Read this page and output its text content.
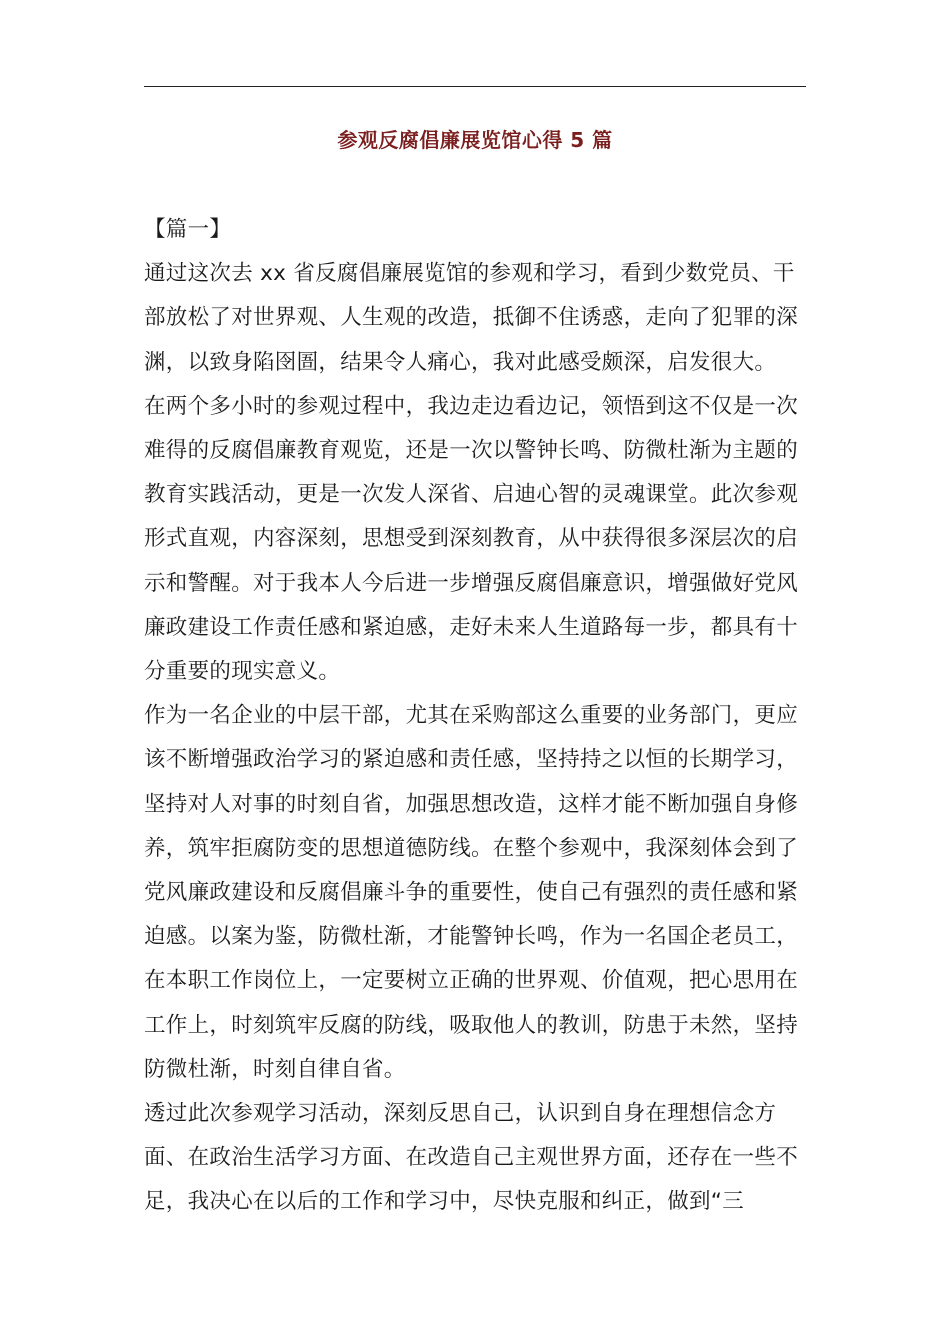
参观反腐倡廉展览馆心得 5 篇

【篇一】

通过这次去 xx 省反腐倡廉展览馆的参观和学习，看到少数党员、干部放松了对世界观、人生观的改造，抵御不住诱惑，走向了犯罪的深渊，以致身陷囹圄，结果令人痛心，我对此感受颇深，启发很大。

在两个多小时的参观过程中，我边走边看边记，领悟到这不仅是一次难得的反腐倡廉教育观览，还是一次以警钟长鸣、防微杜渐为主题的教育实践活动，更是一次发人深省、启迪心智的灵魂课堂。此次参观形式直观，内容深刻，思想受到深刻教育，从中获得很多深层次的启示和警醒。对于我本人今后进一步增强反腐倡廉意识，增强做好党风廉政建设工作责任感和紧迫感，走好未来人生道路每一步，都具有十分重要的现实意义。

作为一名企业的中层干部，尤其在采购部这么重要的业务部门，更应该不断增强政治学习的紧迫感和责任感，坚持持之以恒的长期学习，坚持对人对事的时刻自省，加强思想改造，这样才能不断加强自身修养，筑牢拒腐防变的思想道德防线。在整个参观中，我深刻体会到了党风廉政建设和反腐倡廉斗争的重要性，使自己有强烈的责任感和紧迫感。以案为鉴，防微杜渐，才能警钟长鸣，作为一名国企老员工，在本职工作岗位上，一定要树立正确的世界观、价值观，把心思用在工作上，时刻筑牢反腐的防线，吸取他人的教训，防患于未然，坚持防微杜渐，时刻自律自省。

透过此次参观学习活动，深刻反思自己，认识到自身在理想信念方面、在政治生活学习方面、在改造自己主观世界方面，还存在一些不足，我决心在以后的工作和学习中，尽快克服和纠正，做到“三
